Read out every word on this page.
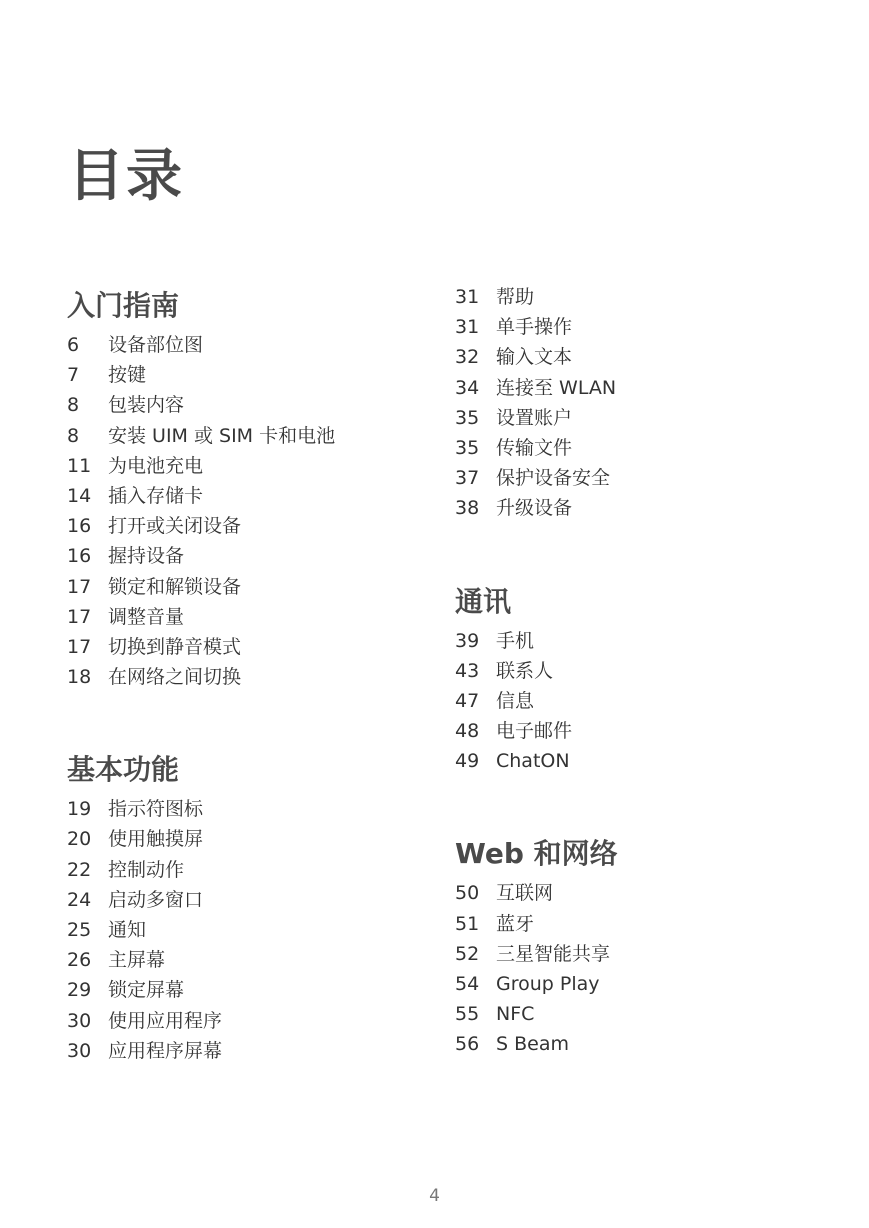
目录
入门指南
6 设备部位图
7 按键
8 包装内容
8 安装 UIM 或 SIM 卡和电池
11 为电池充电
14 插入存储卡
16 打开或关闭设备
16 握持设备
17 锁定和解锁设备
17 调整音量
17 切换到静音模式
18 在网络之间切换
基本功能
19 指示符图标
20 使用触摸屏
22 控制动作
24 启动多窗口
25 通知
26 主屏幕
29 锁定屏幕
30 使用应用程序
30 应用程序屏幕
31 帮助
31 单手操作
32 输入文本
34 连接至 WLAN
35 设置账户
35 传输文件
37 保护设备安全
38 升级设备
通讯
39 手机
43 联系人
47 信息
48 电子邮件
49 ChatON
Web 和网络
50 互联网
51 蓝牙
52 三星智能共享
54 Group Play
55 NFC
56 S Beam
4
